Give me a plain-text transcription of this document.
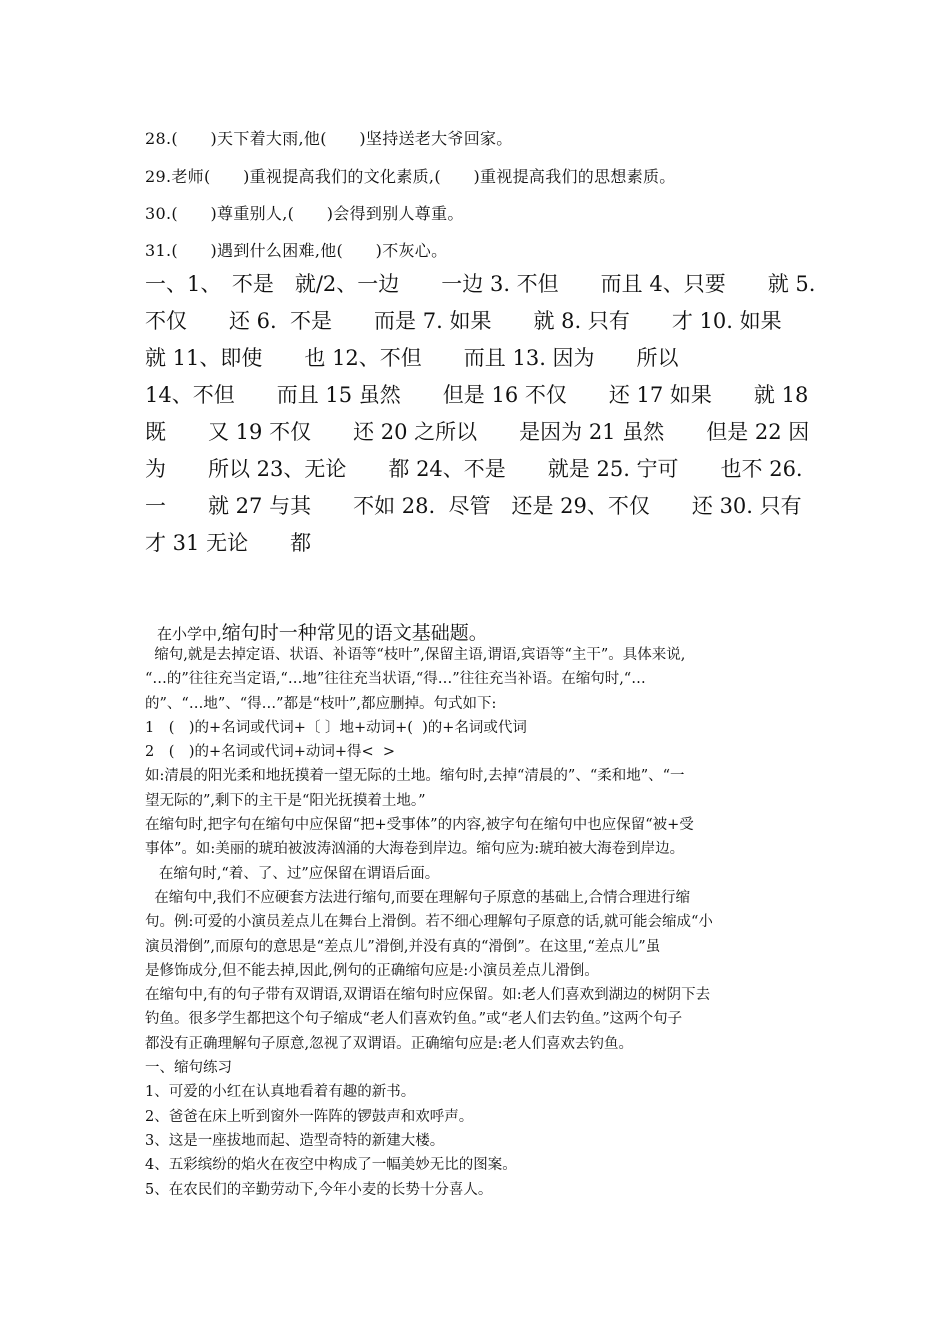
28.(　　)天下着大雨,他(　　)坚持送老大爷回家。
29.老师(　　)重视提高我们的文化素质,(　　)重视提高我们的思想素质。
30.(　　)尊重别人,(　　)会得到别人尊重。
31.(　　)遇到什么困难,他(　　)不灰心。
一、1、　不是　就/2、一边　　一边 3. 不但　　而且 4、只要　　就 5.
不仅　　还 6.  不是　　而是 7. 如果　　就 8. 只有　　才 10. 如果
就 11、即使　　也 12、不但　　而且 13. 因为　　所以
14、不但　　而且 15 虽然　　但是 16 不仅　　还 17 如果　　就 18
既　　又 19 不仅　　还 20 之所以　　是因为 21 虽然　　但是 22 因
为　　所以 23、无论　　都 24、不是　　就是 25. 宁可　　也不 26.
一　　就 27 与其　　不如 28.  尽管　还是 29、不仅　　还 30. 只有
才 31 无论　　都
在小学中,缩句时一种常见的语文基础题。
缩句,就是去掉定语、状语、补语等“枝叶”,保留主语,谓语,宾语等“主干”。具体来说,
“…的”往往充当定语,“…地”往往充当状语,“得…”往往充当补语。在缩句时,“…
的”、“…地”、“得…”都是“枝叶”,都应删掉。句式如下:
1　(　)的+名词或代词+〔 〕地+动词+(  )的+名词或代词
2　(　)的+名词或代词+动词+得<  >
如:清晨的阳光柔和地抚摸着一望无际的土地。缩句时,去掉“清晨的”、“柔和地”、“一
望无际的”,剩下的主干是“阳光抚摸着土地。”
在缩句时,把字句在缩句中应保留“把+受事体”的内容,被字句在缩句中也应保留“被+受
事体”。如:美丽的琥珀被波涛汹涌的大海卷到岸边。缩句应为:琥珀被大海卷到岸边。
在缩句时,“着、了、过”应保留在谓语后面。
在缩句中,我们不应硬套方法进行缩句,而要在理解句子原意的基础上,合情合理进行缩
句。例:可爱的小演员差点儿在舞台上滑倒。若不细心理解句子原意的话,就可能会缩成“小
演员滑倒”,而原句的意思是“差点儿”滑倒,并没有真的“滑倒”。在这里,“差点儿”虽
是修饰成分,但不能去掉,因此,例句的正确缩句应是:小演员差点儿滑倒。
在缩句中,有的句子带有双谓语,双谓语在缩句时应保留。如:老人们喜欢到湖边的树阴下去
钓鱼。很多学生都把这个句子缩成“老人们喜欢钓鱼。”或“老人们去钓鱼。”这两个句子
都没有正确理解句子原意,忽视了双谓语。正确缩句应是:老人们喜欢去钓鱼。
一、缩句练习
1、可爱的小红在认真地看着有趣的新书。
2、爸爸在床上听到窗外一阵阵的锣鼓声和欢呼声。
3、这是一座拔地而起、造型奇特的新建大楼。
4、五彩缤纷的焰火在夜空中构成了一幅美妙无比的图案。
5、在农民们的辛勤劳动下,今年小麦的长势十分喜人。
